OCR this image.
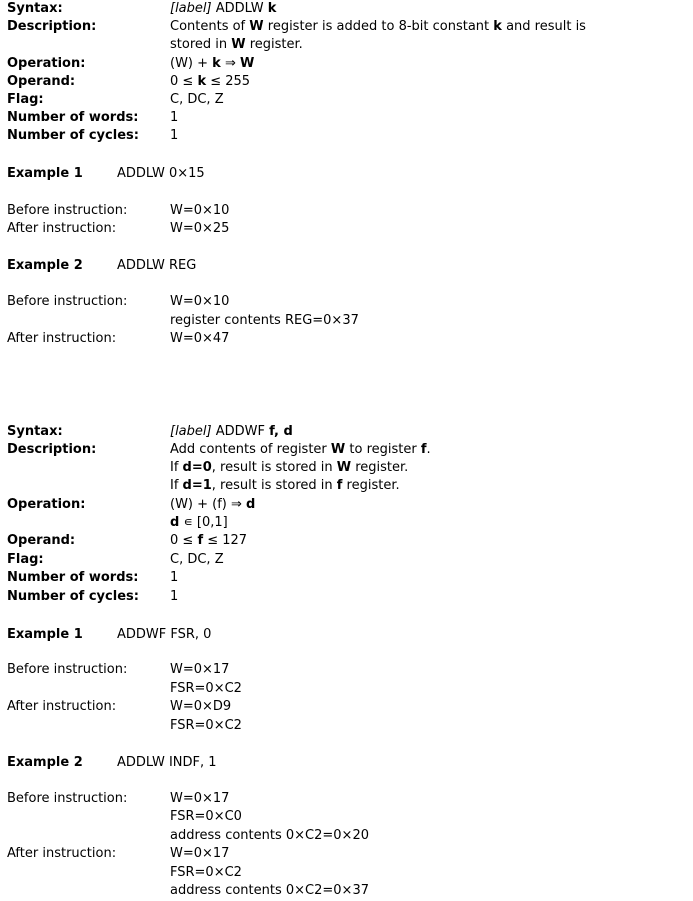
Syntax:	[label] ADDLW k
Description:	Contents of W register is added to 8-bit constant k and result is
stored in W register.
Operation:	(W) + k ⇒ W
Operand:	0 ≤ k ≤ 255
Flag:	C, DC, Z
Number of words: 1
Number of cycles: 1
Example 1	ADDLW 0×15
Before instruction:	W=0×10
After instruction:	W=0×25
Example 2	ADDLW REG
Before instruction:	W=0×10
register contents REG=0×37
After instruction:	W=0×47
Syntax:	[label] ADDWF f, d
Description:	Add contents of register W to register f.
If d=0, result is stored in W register.
If d=1, result is stored in f register.
Operation:	(W) + (f) ⇒ d
d ∊ [0,1]
Operand:	0 ≤ f ≤ 127
Flag:	C, DC, Z
Number of words: 1
Number of cycles: 1
Example 1	ADDWF FSR, 0
Before instruction:	W=0×17
FSR=0×C2
After instruction:	W=0×D9
FSR=0×C2
Example 2	ADDLW INDF, 1
Before instruction:	W=0×17
FSR=0×C0
address contents 0×C2=0×20
After instruction:	W=0×17
FSR=0×C2
address contents 0×C2=0×37
